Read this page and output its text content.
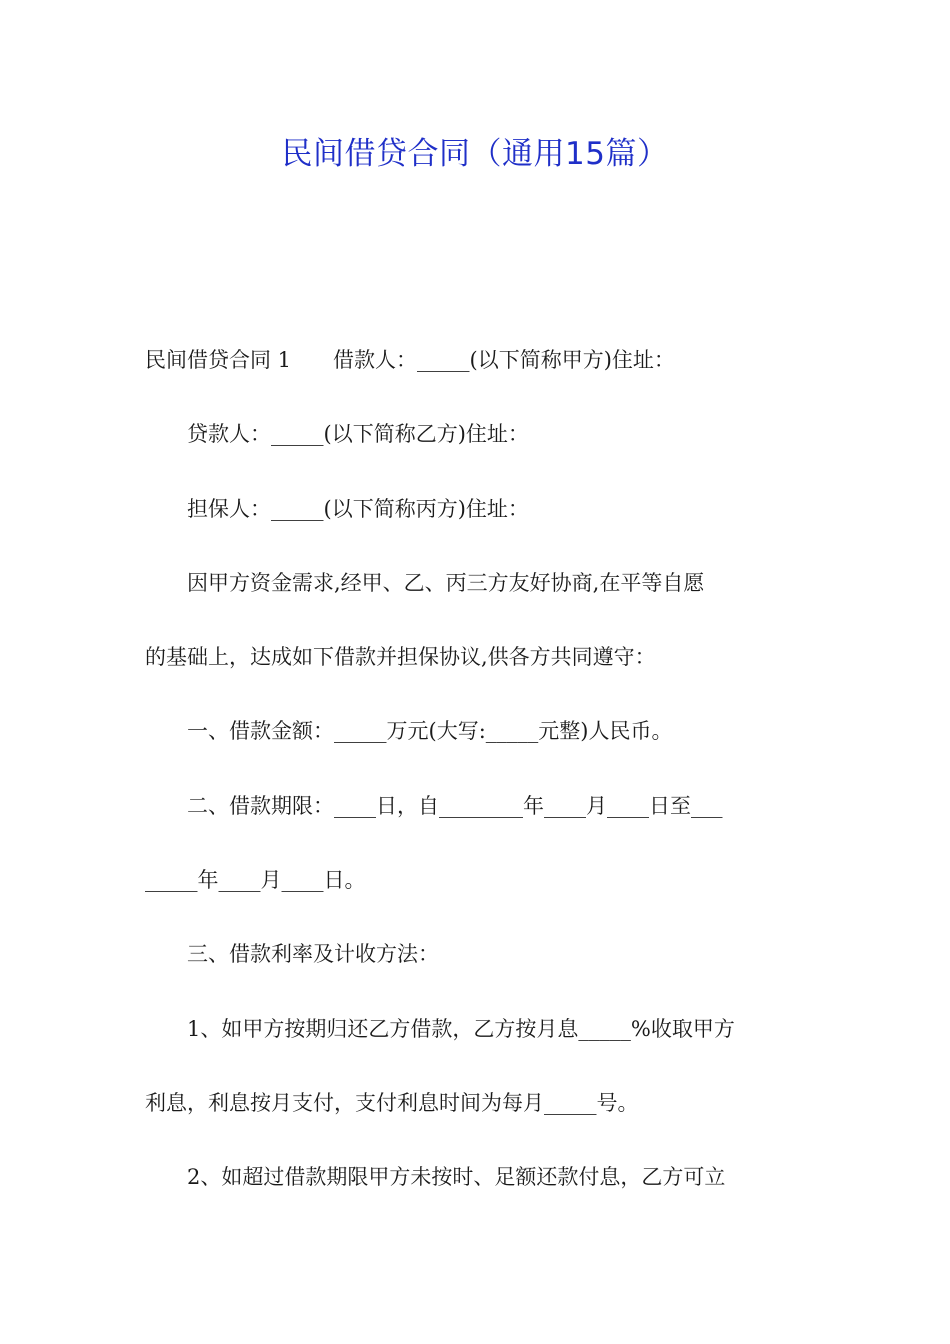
民间借贷合同（通用15篇）
民间借贷合同 1　　借款人：_____(以下简称甲方)住址：
　　贷款人：_____(以下简称乙方)住址：
　　担保人：_____(以下简称丙方)住址：
　　因甲方资金需求,经甲、乙、丙三方友好协商,在平等自愿
的基础上，达成如下借款并担保协议,供各方共同遵守：
　　一、借款金额：_____万元(大写:_____元整)人民币。
　　二、借款期限：____日，自________年____月____日至___
_____年____月____日。
　　三、借款利率及计收方法：
　　1、如甲方按期归还乙方借款，乙方按月息_____%收取甲方
利息，利息按月支付，支付利息时间为每月_____号。
　　2、如超过借款期限甲方未按时、足额还款付息，乙方可立
